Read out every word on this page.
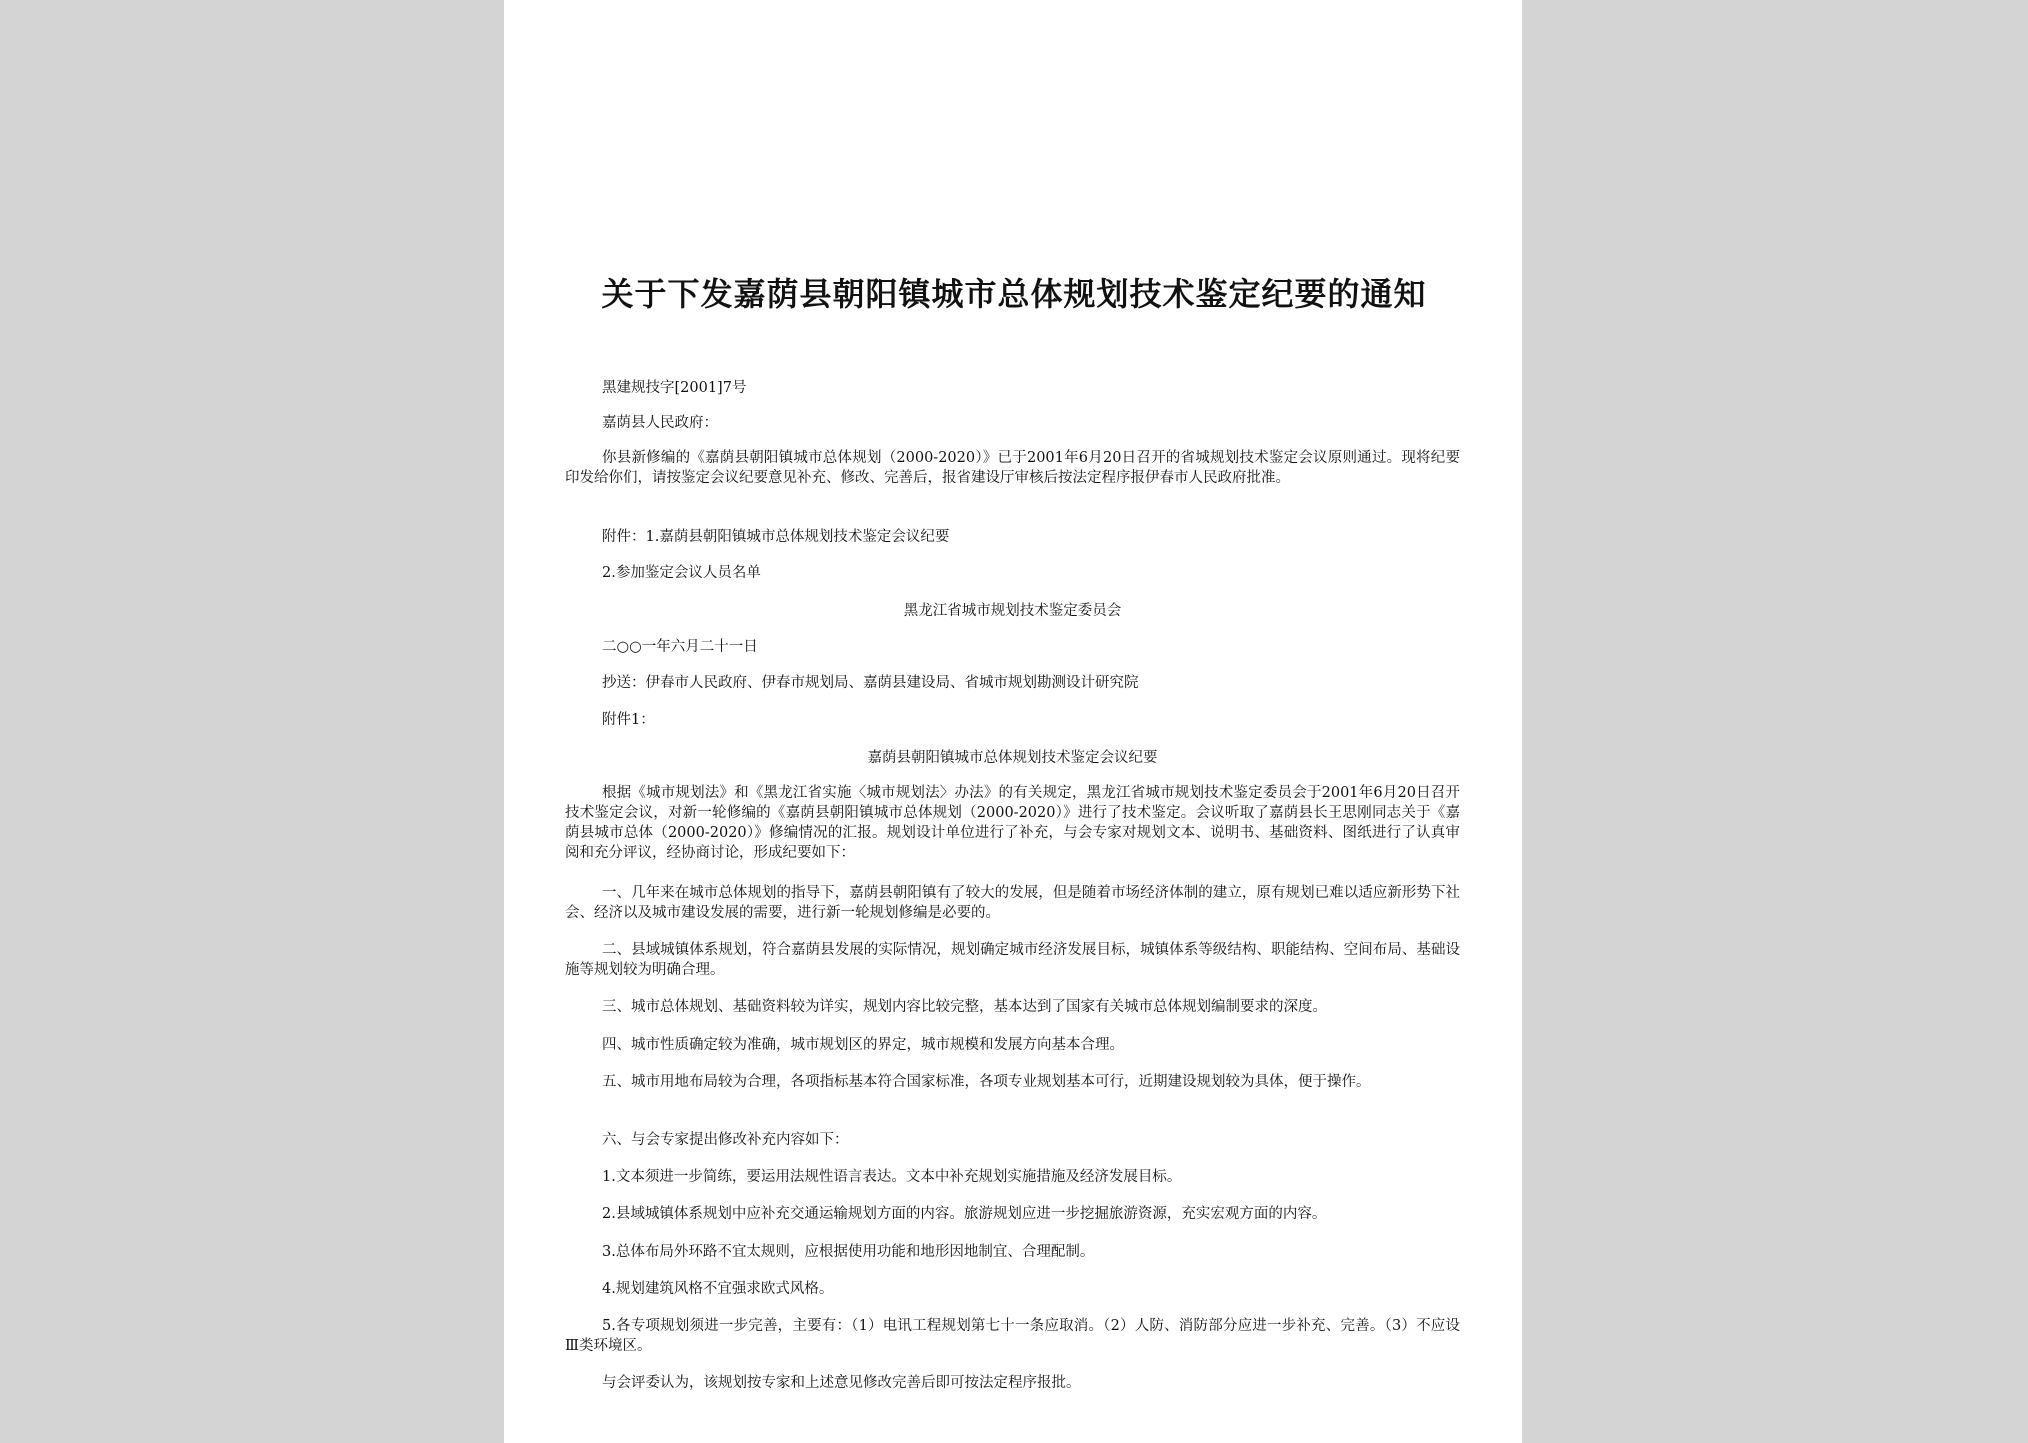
关于下发嘉荫县朝阳镇城市总体规划技术鉴定纪要的通知

黑建规技字[2001]7号

嘉荫县人民政府：

你县新修编的《嘉荫县朝阳镇城市总体规划（2000-2020）》已于2001年6月20日召开的省城规划技术鉴定会议原则通过。现将纪要印发给你们，请按鉴定会议纪要意见补充、修改、完善后，报省建设厅审核后按法定程序报伊春市人民政府批准。

附件：1.嘉荫县朝阳镇城市总体规划技术鉴定会议纪要

2.参加鉴定会议人员名单

黑龙江省城市规划技术鉴定委员会

二○○一年六月二十一日

抄送：伊春市人民政府、伊春市规划局、嘉荫县建设局、省城市规划勘测设计研究院

附件1：

嘉荫县朝阳镇城市总体规划技术鉴定会议纪要

根据《城市规划法》和《黑龙江省实施〈城市规划法〉办法》的有关规定，黑龙江省城市规划技术鉴定委员会于2001年6月20日召开技术鉴定会议，对新一轮修编的《嘉荫县朝阳镇城市总体规划（2000-2020）》进行了技术鉴定。会议听取了嘉荫县长王思刚同志关于《嘉荫县城市总体（2000-2020）》修编情况的汇报。规划设计单位进行了补充，与会专家对规划文本、说明书、基础资料、图纸进行了认真审阅和充分评议，经协商讨论，形成纪要如下：

一、几年来在城市总体规划的指导下，嘉荫县朝阳镇有了较大的发展，但是随着市场经济体制的建立，原有规划已难以适应新形势下社会、经济以及城市建设发展的需要，进行新一轮规划修编是必要的。

二、县域城镇体系规划，符合嘉荫县发展的实际情况，规划确定城市经济发展目标，城镇体系等级结构、职能结构、空间布局、基础设施等规划较为明确合理。

三、城市总体规划、基础资料较为详实，规划内容比较完整，基本达到了国家有关城市总体规划编制要求的深度。

四、城市性质确定较为准确，城市规划区的界定，城市规模和发展方向基本合理。

五、城市用地布局较为合理，各项指标基本符合国家标准，各项专业规划基本可行，近期建设规划较为具体，便于操作。

六、与会专家提出修改补充内容如下：

1.文本须进一步简练，要运用法规性语言表达。文本中补充规划实施措施及经济发展目标。

2.县域城镇体系规划中应补充交通运输规划方面的内容。旅游规划应进一步挖掘旅游资源，充实宏观方面的内容。

3.总体布局外环路不宜太规则，应根据使用功能和地形因地制宜、合理配制。

4.规划建筑风格不宜强求欧式风格。

5.各专项规划须进一步完善，主要有：（1）电讯工程规划第七十一条应取消。（2）人防、消防部分应进一步补充、完善。（3）不应设Ⅲ类环境区。

与会评委认为，该规划按专家和上述意见修改完善后即可按法定程序报批。
